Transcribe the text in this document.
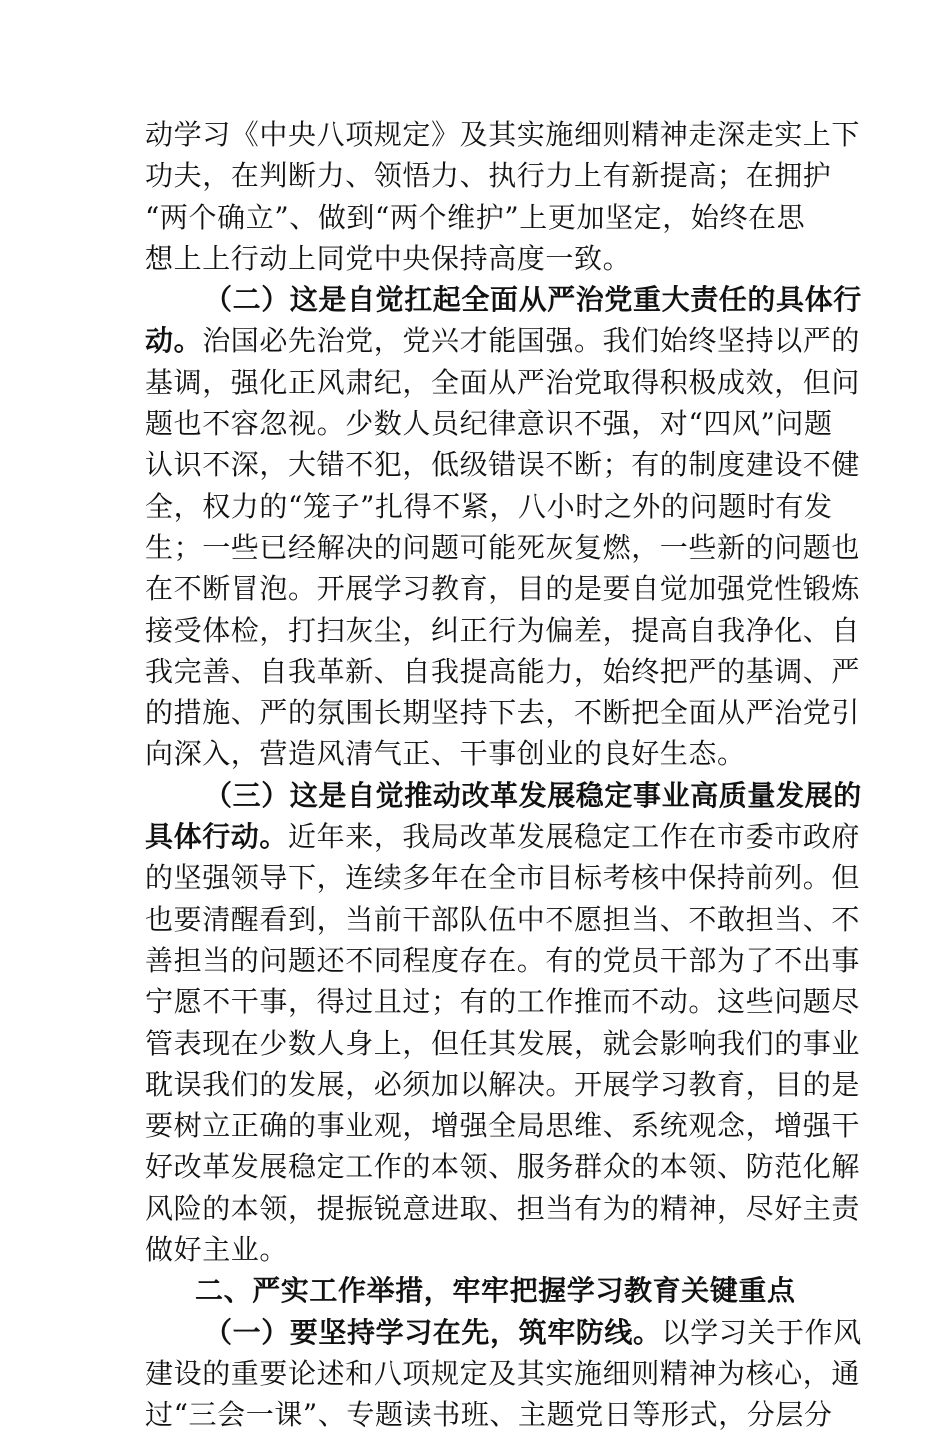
动学习《中央八项规定》及其实施细则精神走深走实上下
功夫，在判断力、领悟力、执行力上有新提高；在拥护
“两个确立”、做到“两个维护”上更加坚定，始终在思
想上上行动上同党中央保持高度一致。
（二）这是自觉扛起全面从严治党重大责任的具体行
动。治国必先治党，党兴才能国强。我们始终坚持以严的
基调，强化正风肃纪，全面从严治党取得积极成效，但问
题也不容忽视。少数人员纪律意识不强，对“四风”问题
认识不深，大错不犯，低级错误不断；有的制度建设不健
全，权力的“笼子”扎得不紧，八小时之外的问题时有发
生；一些已经解决的问题可能死灰复燃，一些新的问题也
在不断冒泡。开展学习教育，目的是要自觉加强党性锻炼
接受体检，打扫灰尘，纠正行为偏差，提高自我净化、自
我完善、自我革新、自我提高能力，始终把严的基调、严
的措施、严的氛围长期坚持下去，不断把全面从严治党引
向深入，营造风清气正、干事创业的良好生态。
（三）这是自觉推动改革发展稳定事业高质量发展的
具体行动。近年来，我局改革发展稳定工作在市委市政府
的坚强领导下，连续多年在全市目标考核中保持前列。但
也要清醒看到，当前干部队伍中不愿担当、不敢担当、不
善担当的问题还不同程度存在。有的党员干部为了不出事
宁愿不干事，得过且过；有的工作推而不动。这些问题尽
管表现在少数人身上，但任其发展，就会影响我们的事业
耽误我们的发展，必须加以解决。开展学习教育，目的是
要树立正确的事业观，增强全局思维、系统观念，增强干
好改革发展稳定工作的本领、服务群众的本领、防范化解
风险的本领，提振锐意进取、担当有为的精神，尽好主责
做好主业。
二、严实工作举措，牢牢把握学习教育关键重点
（一）要坚持学习在先，筑牢防线。以学习关于作风
建设的重要论述和八项规定及其实施细则精神为核心，通
过“三会一课”、专题读书班、主题党日等形式，分层分
